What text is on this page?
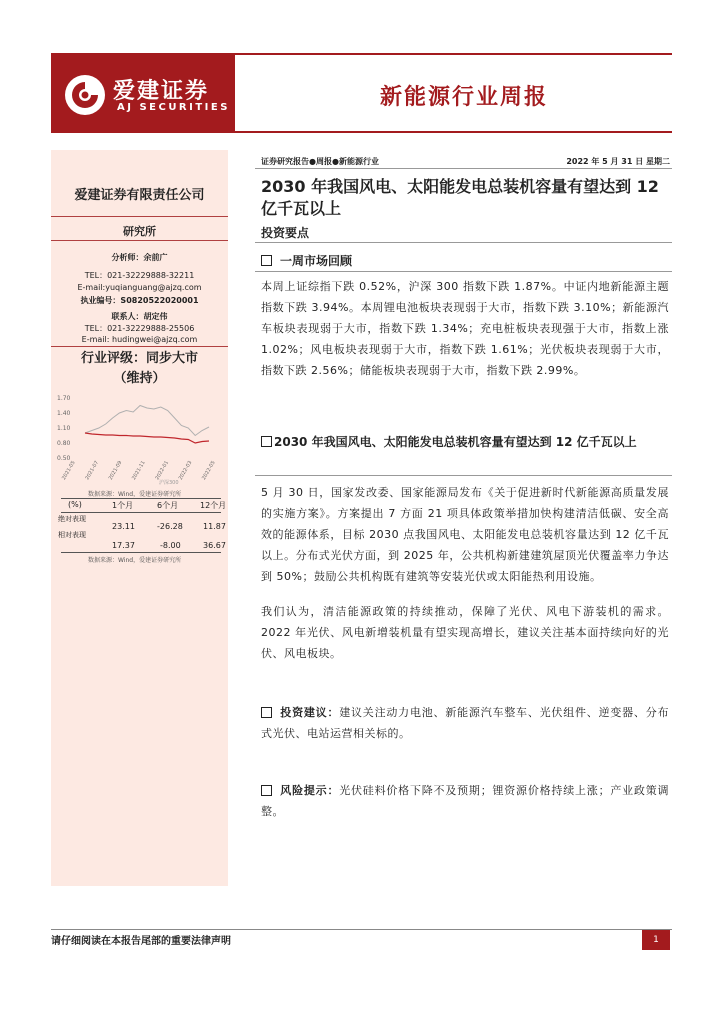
爱建证券
AJ SECURITIES	新能源行业周报
爱建证券有限责任公司
研究所
分析师：余前广
TEL：021-32229888-32211
E-mail:yuqianguang@ajzq.com
执业编号：S0820522020001
联系人：胡定伟
TEL：021-32229888-25506
E-mail: hudingwei@ajzq.com
行业评级：同步大市
（维持）
1.70
1.40
1.10
0.80
0.50
2021-05 2021-07 2021-09 2021-11 2022-01 2022-03 2022-05
沪深300
数据来源：Wind，爱建证券研究所
(%)	1个月	6个月	12个月
绝对表现
23.11	-26.28	11.87
相对表现
17.37	-8.00	36.67
数据来源：Wind，爱建证券研究所
证券研究报告●周报●新能源行业	2022 年 5 月 31 日 星期二
2030 年我国风电、太阳能发电总装机容量有望达到 12 亿千瓦以上
投资要点
一周市场回顾
本周上证综指下跌 0.52%，沪深 300 指数下跌 1.87%。中证内地新能源主题指数下跌 3.94%。本周锂电池板块表现弱于大市，指数下跌 3.10%；新能源汽车板块表现弱于大市，指数下跌 1.34%；充电桩板块表现强于大市，指数上涨 1.02%；风电板块表现弱于大市，指数下跌 1.61%；光伏板块表现弱于大市，指数下跌 2.56%；储能板块表现弱于大市，指数下跌 2.99%。
2030 年我国风电、太阳能发电总装机容量有望达到 12 亿千瓦以上
5 月 30 日，国家发改委、国家能源局发布《关于促进新时代新能源高质量发展的实施方案》。方案提出 7 方面 21 项具体政策举措加快构建清洁低碳、安全高效的能源体系，目标 2030 点我国风电、太阳能发电总装机容量达到 12 亿千瓦以上。分布式光伏方面，到 2025 年，公共机构新建建筑屋顶光伏覆盖率力争达到 50%；鼓励公共机构既有建筑等安装光伏或太阳能热利用设施。
我们认为，清洁能源政策的持续推动，保障了光伏、风电下游装机的需求。2022 年光伏、风电新增装机量有望实现高增长，建议关注基本面持续向好的光伏、风电板块。
投资建议：建议关注动力电池、新能源汽车整车、光伏组件、逆变器、分布式光伏、电站运营相关标的。
风险提示：光伏硅料价格下降不及预期；锂资源价格持续上涨；产业政策调整。
请仔细阅读在本报告尾部的重要法律声明	1
